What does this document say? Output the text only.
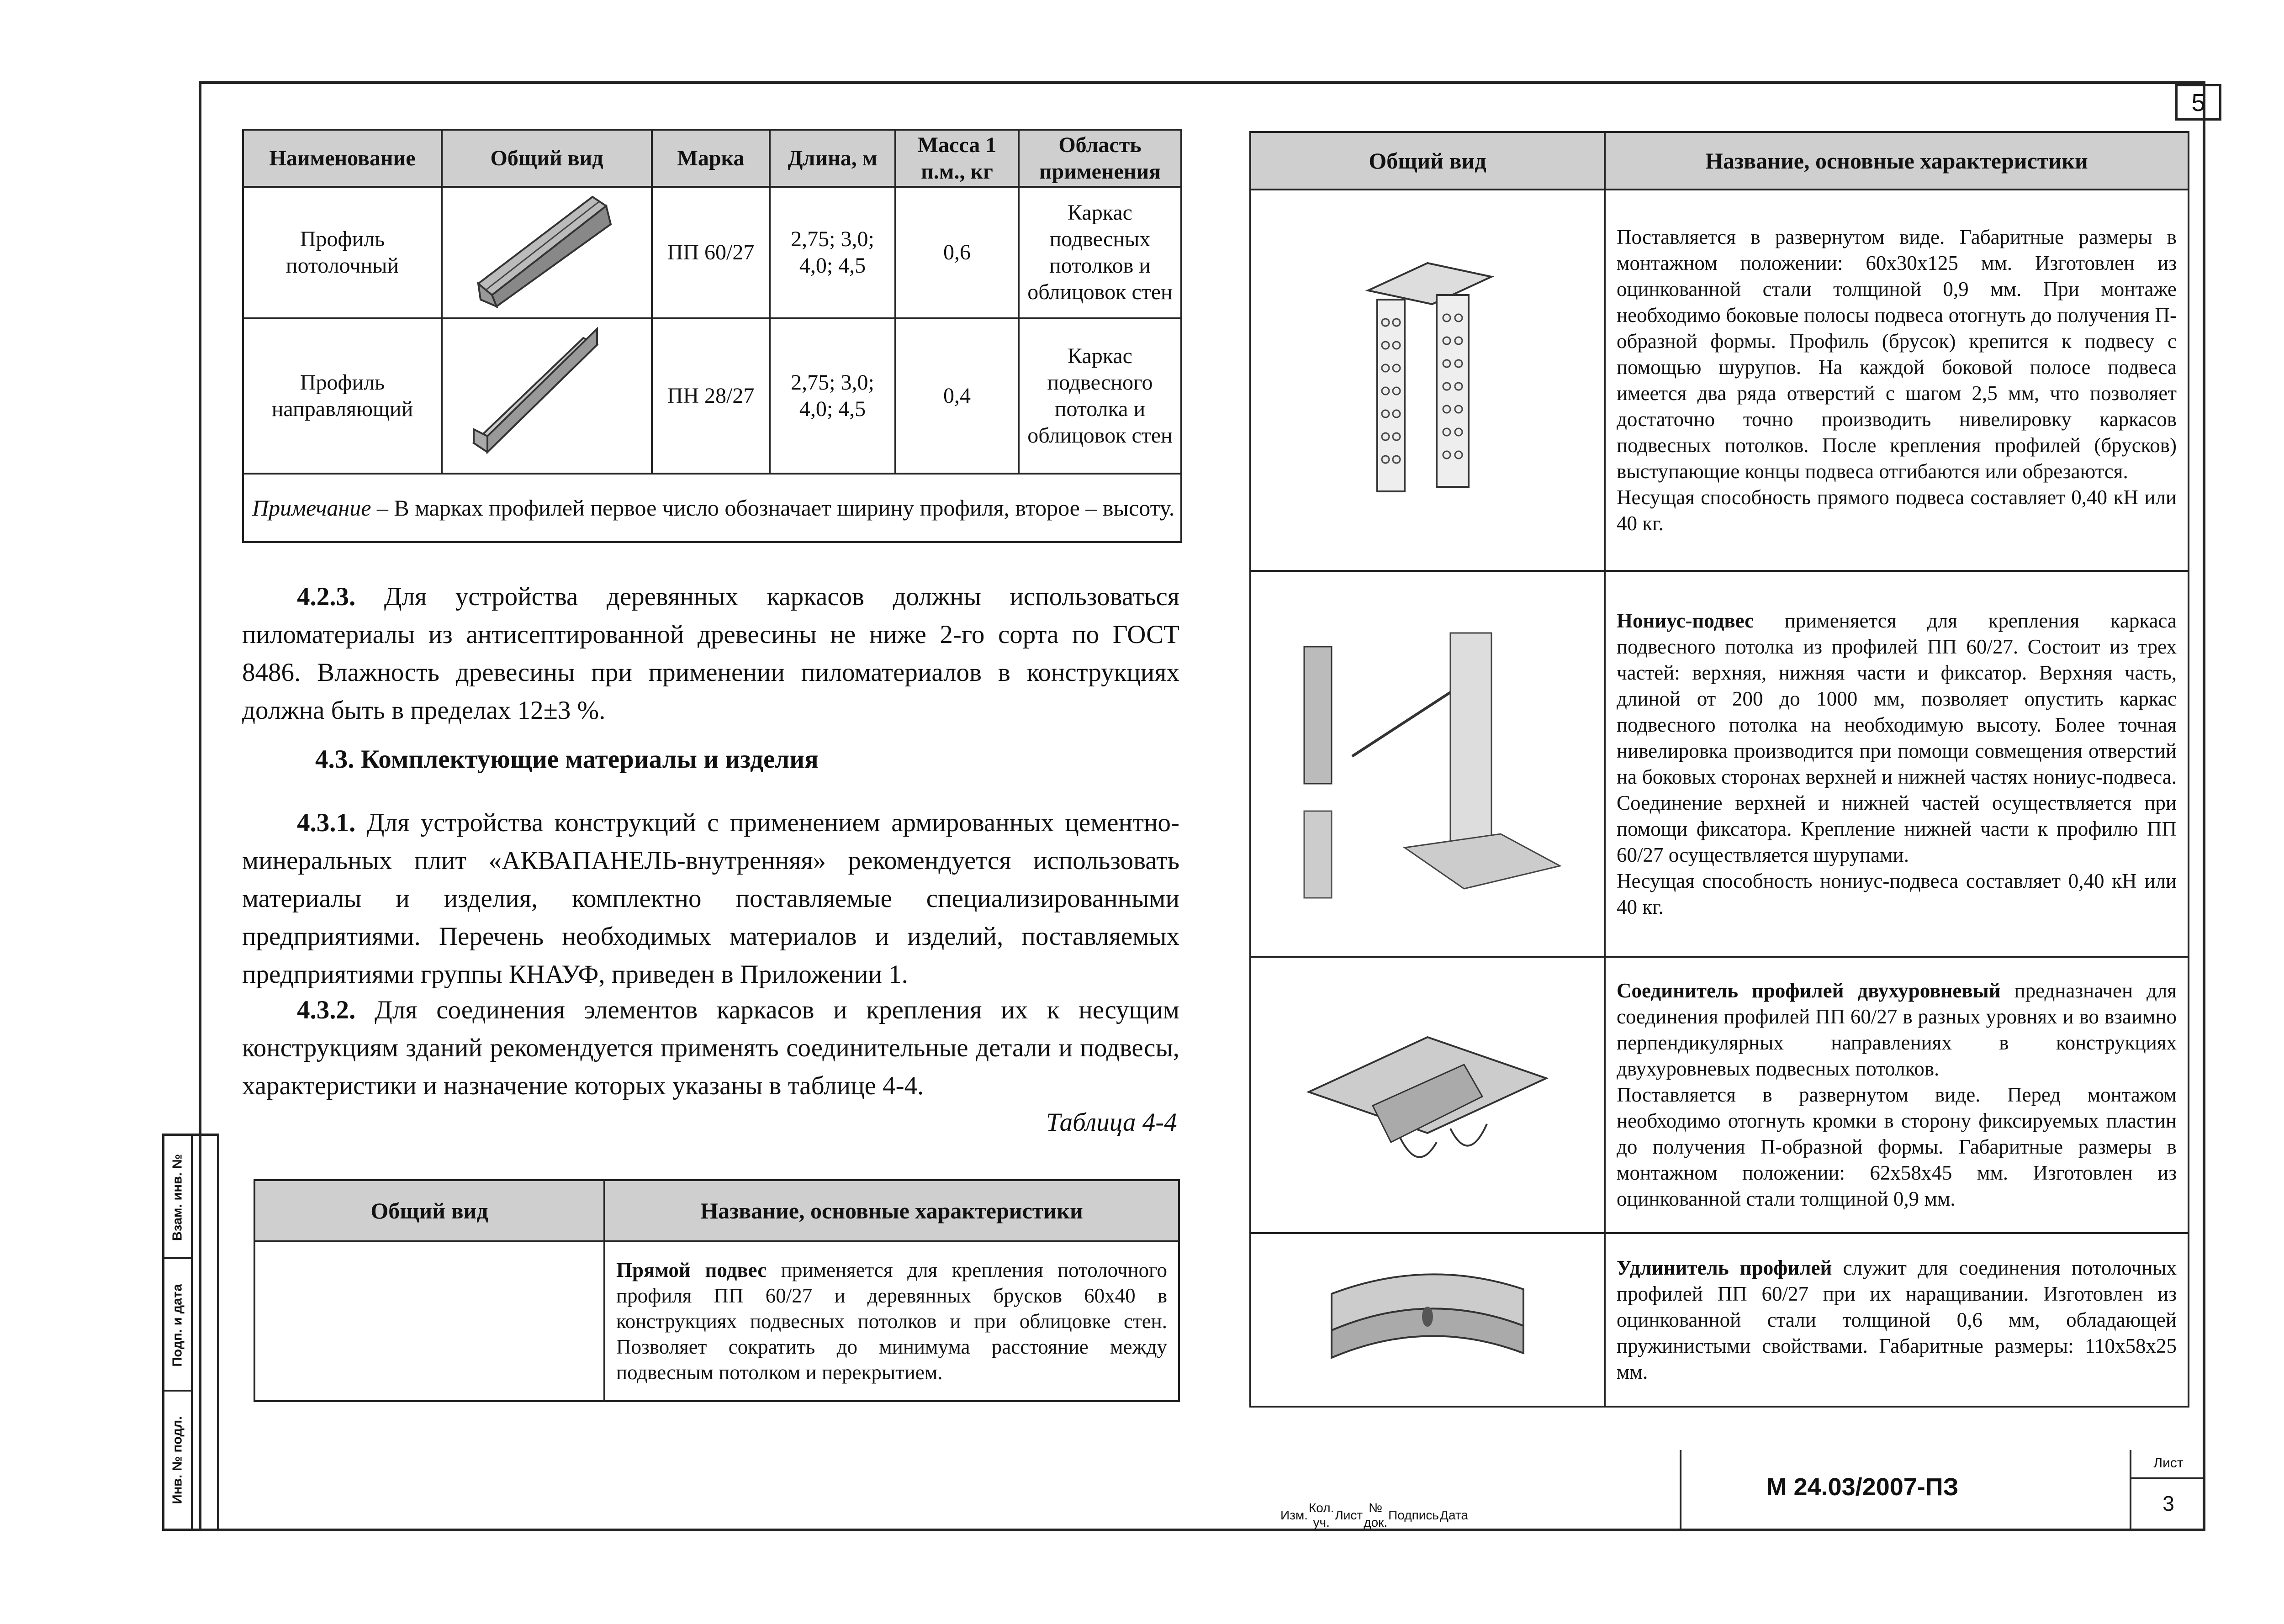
5
Взам. инв. №
Подп. и дата
Инв. № подл.
Наименование	Общий вид	Марка	Длина, м	Масса 1 п.м., кг	Область применения
Профиль потолочный		ПП 60/27	2,75; 3,0; 4,0; 4,5	0,6	Каркас подвесных потолков и облицовок стен
Профиль направляющий		ПН 28/27	2,75; 3,0; 4,0; 4,5	0,4	Каркас подвесного потолка и облицовок стен
Примечание – В марках профилей первое число обозначает ширину профиля, второе – высоту.					
4.2.3. Для устройства деревянных каркасов должны использоваться пиломатериалы из антисептированной древесины не ниже 2-го сорта по ГОСТ 8486. Влажность древесины при применении пиломатериалов в конструкциях должна быть в пределах 12±3 %.
4.3. Комплектующие материалы и изделия
4.3.1. Для устройства конструкций с применением армированных цементно-минеральных плит «АКВАПАНЕЛЬ-внутренняя» рекомендуется использовать материалы и изделия, комплектно поставляемые специализированными предприятиями. Перечень необходимых материалов и изделий, поставляемых предприятиями группы КНАУФ, приведен в Приложении 1.
4.3.2. Для соединения элементов каркасов и крепления их к несущим конструкциям зданий рекомендуется применять соединительные детали и подвесы, характеристики и назначение которых указаны в таблице 4-4.
Таблица 4-4
Общий вид	Название, основные характеристики
	Прямой подвес применяется для крепления потолочного профиля ПП 60/27 и деревянных брусков 60x40 в конструкциях подвесных потолков и при облицовке стен. Позволяет сократить до минимума расстояние между подвесным потолком и перекрытием.
Общий вид	Название, основные характеристики
	Поставляется в развернутом виде. Габаритные размеры в монтажном положении: 60x30x125 мм. Изготовлен из оцинкованной стали толщиной 0,9 мм. При монтаже необходимо боковые полосы подвеса отогнуть до получения П-образной формы. Профиль (брусок) крепится к подвесу с помощью шурупов. На каждой боковой полосе подвеса имеется два ряда отверстий с шагом 2,5 мм, что позволяет достаточно точно производить нивелировку каркасов подвесных потолков. После крепления профилей (брусков) выступающие концы подвеса отгибаются или обрезаются.
Несущая способность прямого подвеса составляет 0,40 кН или 40 кг.
	Нониус-подвес применяется для крепления каркаса подвесного потолка из профилей ПП 60/27. Состоит из трех частей: верхняя, нижняя части и фиксатор. Верхняя часть, длиной от 200 до 1000 мм, позволяет опустить каркас подвесного потолка на необходимую высоту. Более точная нивелировка производится при помощи совмещения отверстий на боковых сторонах верхней и нижней частях нониус-подвеса. Соединение верхней и нижней частей осуществляется при помощи фиксатора. Крепление нижней части к профилю ПП 60/27 осуществляется шурупами.
Несущая способность нониус-подвеса составляет 0,40 кН или 40 кг.
	Соединитель профилей двухуровневый предназначен для соединения профилей ПП 60/27 в разных уровнях и во взаимно перпендикулярных направлениях в конструкциях двухуровневых подвесных потолков.
Поставляется в развернутом виде. Перед монтажом необходимо отогнуть кромки в сторону фиксируемых пластин до получения П-образной формы. Габаритные размеры в монтажном положении: 62x58x45 мм. Изготовлен из оцинкованной стали толщиной 0,9 мм.
	Удлинитель профилей служит для соединения потолочных профилей ПП 60/27 при их наращивании. Изготовлен из оцинкованной стали толщиной 0,6 мм, обладающей пружинистыми свойствами. Габаритные размеры: 110x58x25 мм.

Изм.	Кол. уч.	Лист	№ док.	Подпись	Дата
М 24.03/2007-ПЗ
Лист
3
